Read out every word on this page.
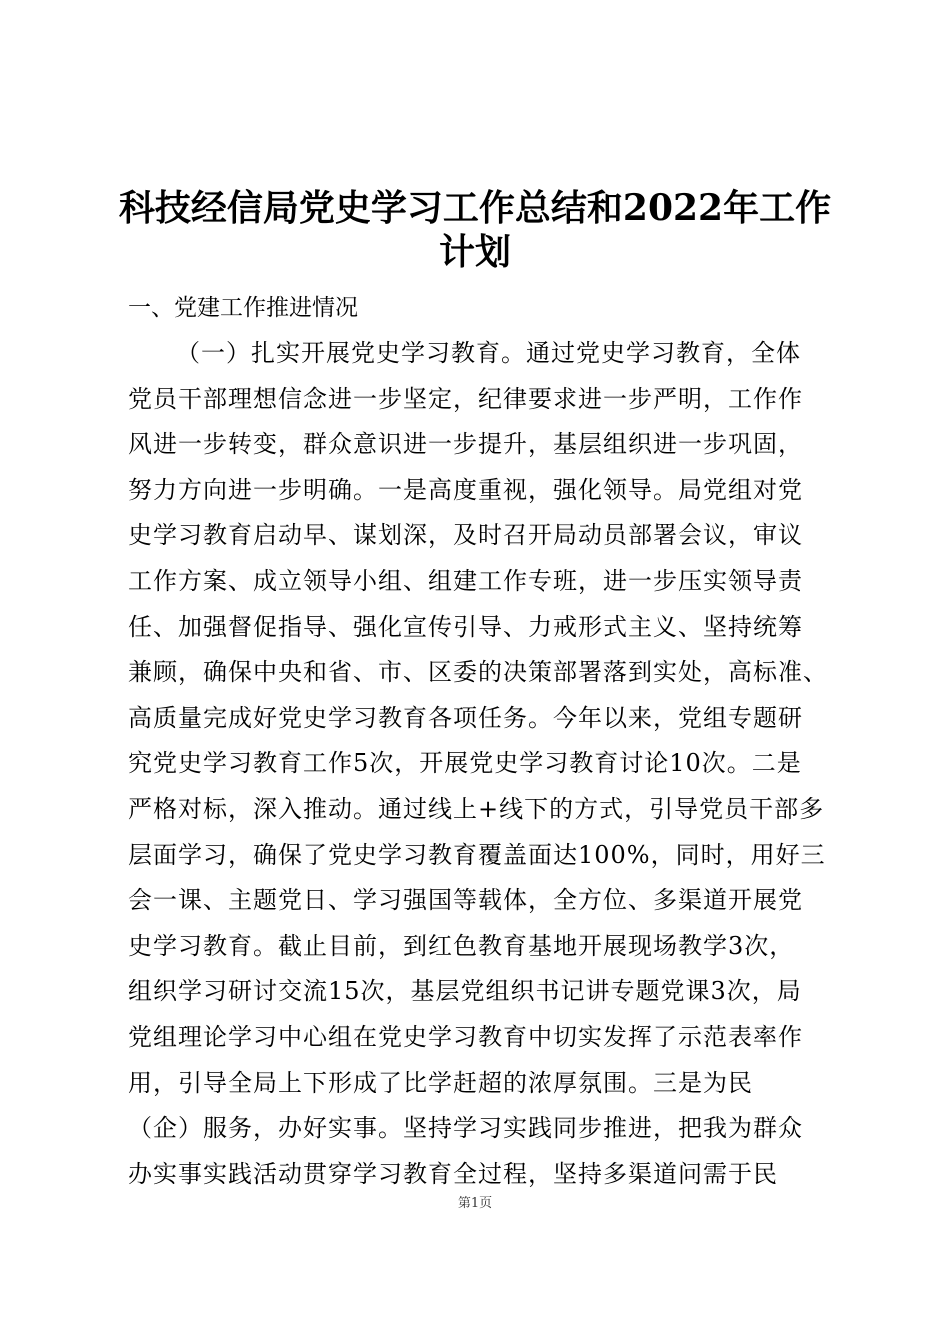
科技经信局党史学习工作总结和2022年工作
计划

一、党建工作推进情况

（一）扎实开展党史学习教育。通过党史学习教育，全体
党员干部理想信念进一步坚定，纪律要求进一步严明，工作作
风进一步转变，群众意识进一步提升，基层组织进一步巩固，
努力方向进一步明确。一是高度重视，强化领导。局党组对党
史学习教育启动早、谋划深，及时召开局动员部署会议，审议
工作方案、成立领导小组、组建工作专班，进一步压实领导责
任、加强督促指导、强化宣传引导、力戒形式主义、坚持统筹
兼顾，确保中央和省、市、区委的决策部署落到实处，高标准、
高质量完成好党史学习教育各项任务。今年以来，党组专题研
究党史学习教育工作5次，开展党史学习教育讨论10次。二是
严格对标，深入推动。通过线上+线下的方式，引导党员干部多
层面学习，确保了党史学习教育覆盖面达100%，同时，用好三
会一课、主题党日、学习强国等载体，全方位、多渠道开展党
史学习教育。截止目前，到红色教育基地开展现场教学3次，
组织学习研讨交流15次，基层党组织书记讲专题党课3次，局
党组理论学习中心组在党史学习教育中切实发挥了示范表率作
用，引导全局上下形成了比学赶超的浓厚氛围。三是为民
（企）服务，办好实事。坚持学习实践同步推进，把我为群众
办实事实践活动贯穿学习教育全过程，坚持多渠道问需于民
第1页
